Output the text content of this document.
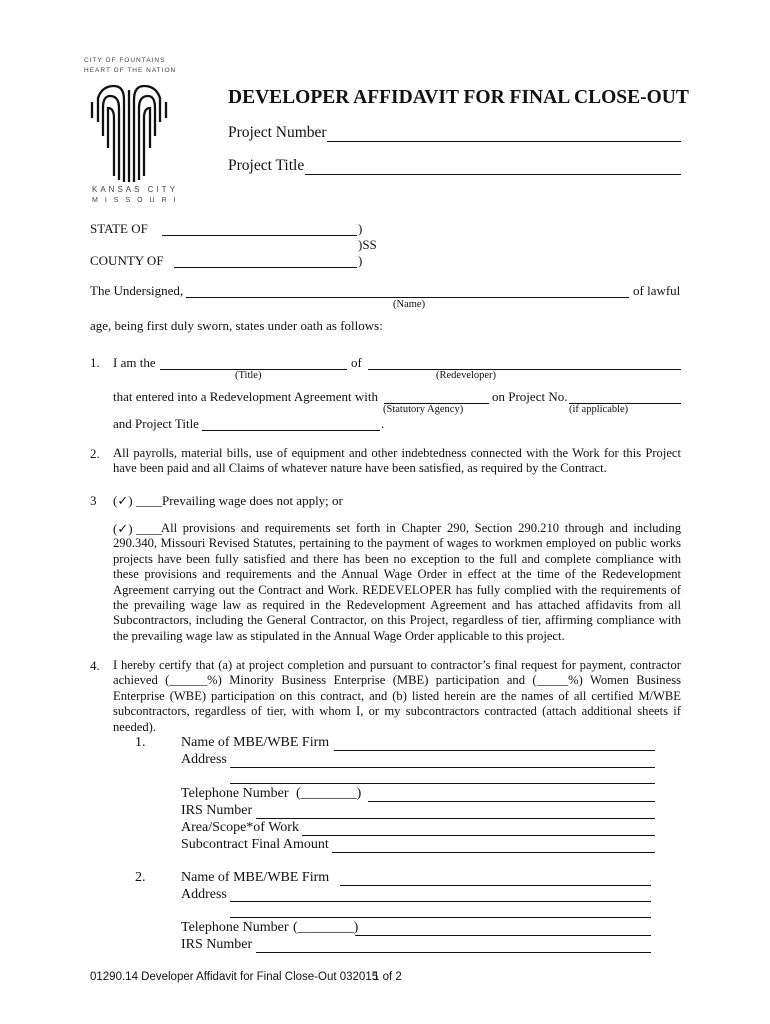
CITY OF FOUNTAINS
HEART OF THE NATION
KANSAS CITY
MISSOURI
DEVELOPER AFFIDAVIT FOR FINAL CLOSE-OUT
Project Number
Project Title
STATE OF	)
)SS
COUNTY OF	)
The Undersigned,	of lawful
(Name)
age, being first duly sworn, states under oath as follows:
1. I am the	of
(Title)	(Redeveloper)
that entered into a Redevelopment Agreement with	on Project No.
(Statutory Agency)	(if applicable)
and Project Title	.
2. All payrolls, material bills, use of equipment and other indebtedness connected with the Work for this Project have been paid and all Claims of whatever nature have been satisfied, as required by the Contract.
3 (✓) ____ Prevailing wage does not apply; or
(✓) ____ All provisions and requirements set forth in Chapter 290, Section 290.210 through and including 290.340, Missouri Revised Statutes, pertaining to the payment of wages to workmen employed on public works projects have been fully satisfied and there has been no exception to the full and complete compliance with these provisions and requirements and the Annual Wage Order in effect at the time of the Redevelopment Agreement carrying out the Contract and Work. REDEVELOPER has fully complied with the requirements of the prevailing wage law as required in the Redevelopment Agreement and has attached affidavits from all Subcontractors, including the General Contractor, on this Project, regardless of tier, affirming compliance with the prevailing wage law as stipulated in the Annual Wage Order applicable to this project.
4. I hereby certify that (a) at project completion and pursuant to contractor’s final request for payment, contractor achieved (______%) Minority Business Enterprise (MBE) participation and (_____%) Women Business Enterprise (WBE) participation on this contract, and (b) listed herein are the names of all certified M/WBE subcontractors, regardless of tier, with whom I, or my subcontractors contracted (attach additional sheets if needed).
1.	Name of MBE/WBE Firm
Address
Telephone Number (________)
IRS Number
Area/Scope*of Work
Subcontract Final Amount
2.	Name of MBE/WBE Firm
Address
Telephone Number (________)
IRS Number
01290.14 Developer Affidavit for Final Close-Out 032015
1 of 2
